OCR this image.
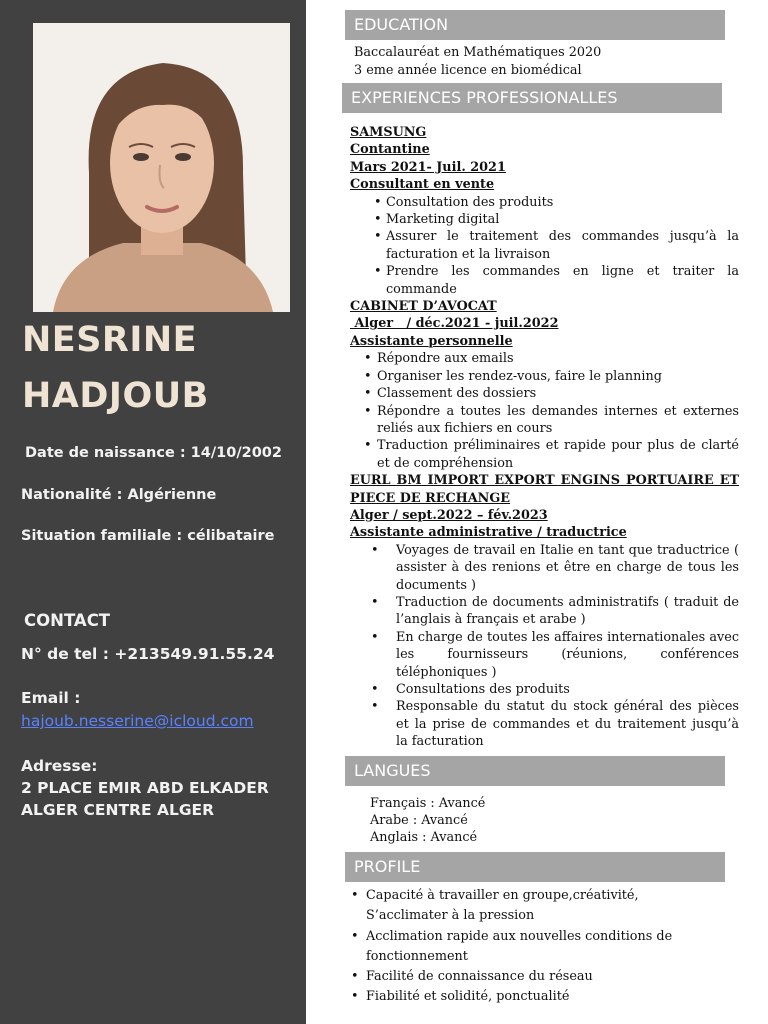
NESRINE
HADJOUB
Date de naissance : 14/10/2002
Nationalité : Algérienne
Situation familiale : célibataire
CONTACT
N° de tel : +213549.91.55.24
Email :
hajoub.nesserine@icloud.com
Adresse:
2 PLACE EMIR ABD ELKADER
ALGER CENTRE ALGER
EDUCATION
Baccalauréat en Mathématiques 2020
3 eme année licence en biomédical
EXPERIENCES PROFESSIONALLES
SAMSUNG
Contantine
Mars 2021- Juil. 2021
Consultant en vente
• Consultation des produits
• Marketing digital
• Assurer le traitement des commandes jusqu’à la facturation et la livraison
• Prendre les commandes en ligne et traiter la commande
CABINET D’AVOCAT
Alger   / déc.2021 - juil.2022
Assistante personnelle
• Répondre aux emails
• Organiser les rendez-vous, faire le planning
• Classement des dossiers
• Répondre a toutes les demandes internes et externes reliés aux fichiers en cours
• Traduction préliminaires et rapide pour plus de clarté et de compréhension
EURL BM IMPORT EXPORT ENGINS PORTUAIRE ET PIECE DE RECHANGE
Alger / sept.2022 – fév.2023
Assistante administrative / traductrice
• Voyages de travail en Italie en tant que traductrice ( assister à des renions et être en charge de tous les documents )
• Traduction de documents administratifs ( traduit de l’anglais à français et arabe )
• En charge de toutes les affaires internationales avec les fournisseurs (réunions, conférences téléphoniques )
• Consultations des produits
• Responsable du statut du stock général des pièces et la prise de commandes et du traitement jusqu’à la facturation
LANGUES
Français : Avancé
Arabe : Avancé
Anglais : Avancé
PROFILE
• Capacité à travailler en groupe,créativité, S’acclimater à la pression
• Acclimation rapide aux nouvelles conditions de fonctionnement
• Facilité de connaissance du réseau
• Fiabilité et solidité, ponctualité
